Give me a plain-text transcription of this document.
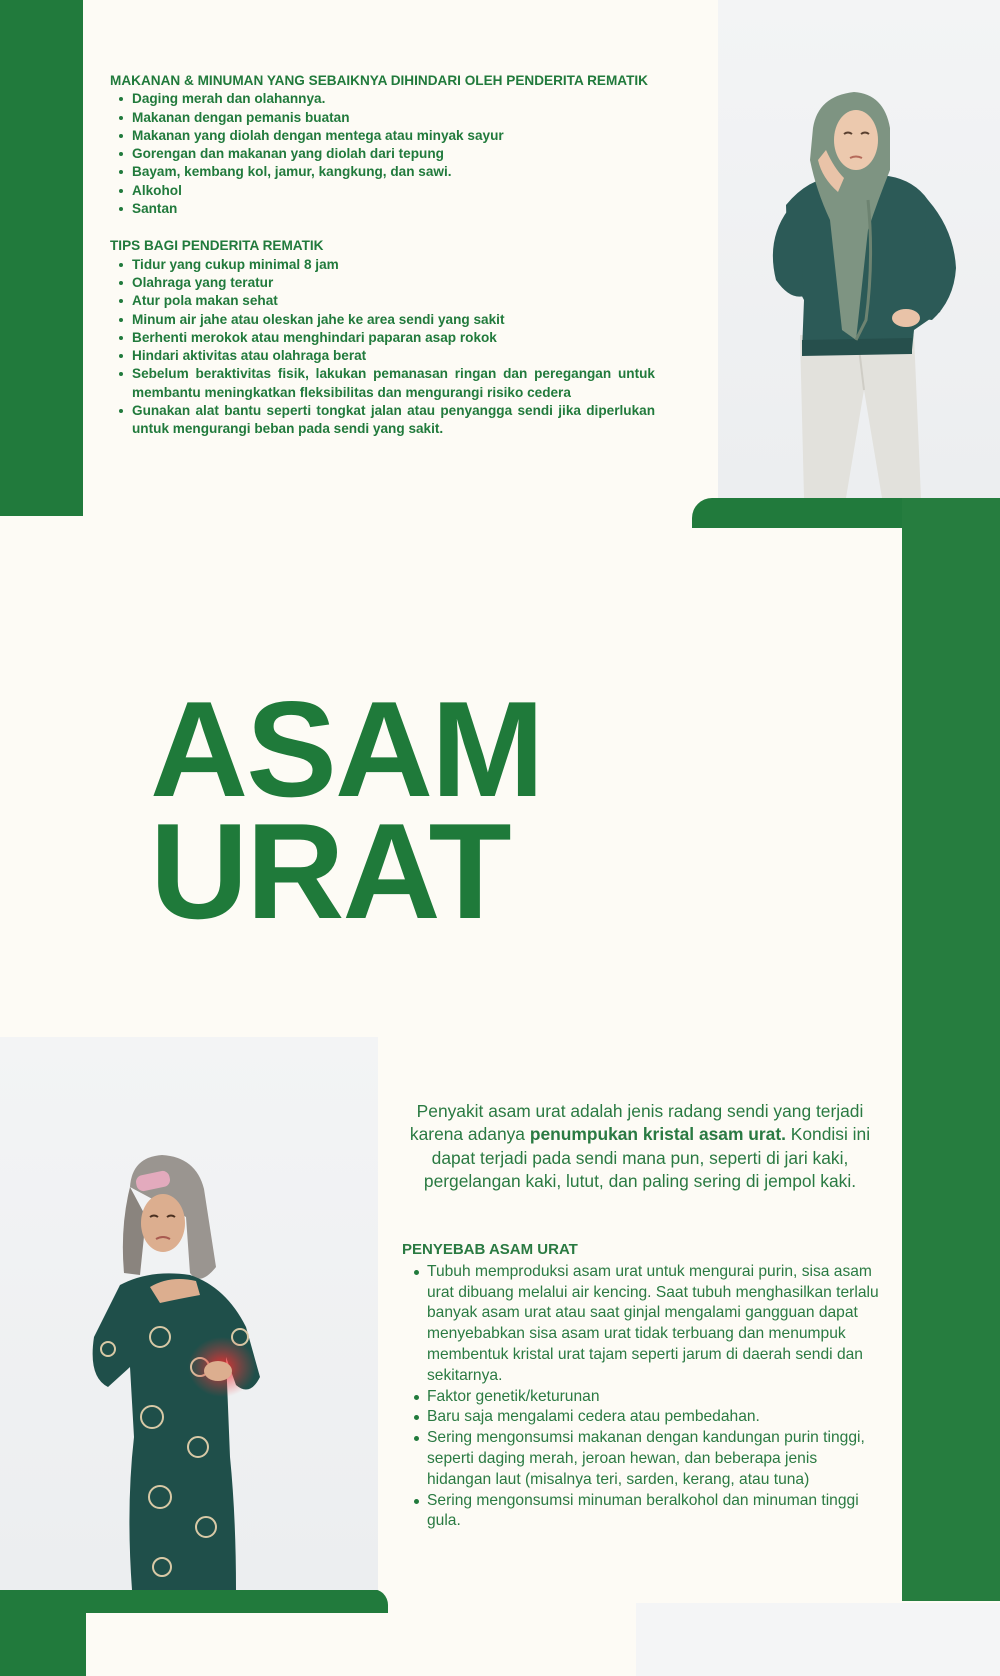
MAKANAN & MINUMAN YANG SEBAIKNYA DIHINDARI OLEH PENDERITA REMATIK
Daging merah dan olahannya.
Makanan dengan pemanis buatan
Makanan yang diolah dengan mentega atau minyak sayur
Gorengan dan makanan yang diolah dari tepung
Bayam, kembang kol, jamur, kangkung, dan sawi.
Alkohol
Santan
TIPS BAGI PENDERITA REMATIK
Tidur yang cukup minimal 8 jam
Olahraga yang teratur
Atur pola makan sehat
Minum air jahe atau oleskan jahe ke area sendi yang sakit
Berhenti merokok atau menghindari paparan asap rokok
Hindari aktivitas atau olahraga berat
Sebelum beraktivitas fisik, lakukan pemanasan ringan dan peregangan untuk membantu meningkatkan fleksibilitas dan mengurangi risiko cedera
Gunakan alat bantu seperti tongkat jalan atau penyangga sendi jika diperlukan untuk mengurangi beban pada sendi yang sakit.
ASAM
URAT

Penyakit asam urat adalah jenis radang sendi yang terjadi karena adanya penumpukan kristal asam urat. Kondisi ini dapat terjadi pada sendi mana pun, seperti di jari kaki, pergelangan kaki, lutut, dan paling sering di jempol kaki.

PENYEBAB ASAM URAT
Tubuh memproduksi asam urat untuk mengurai purin, sisa asam urat dibuang melalui air kencing. Saat tubuh menghasilkan terlalu banyak asam urat atau saat ginjal mengalami gangguan dapat menyebabkan sisa asam urat tidak terbuang dan menumpuk membentuk kristal urat tajam seperti jarum di daerah sendi dan sekitarnya.
Faktor genetik/keturunan
Baru saja mengalami cedera atau pembedahan.
Sering mengonsumsi makanan dengan kandungan purin tinggi, seperti daging merah, jeroan hewan, dan beberapa jenis hidangan laut (misalnya teri, sarden, kerang, atau tuna)
Sering mengonsumsi minuman beralkohol dan minuman tinggi gula.
